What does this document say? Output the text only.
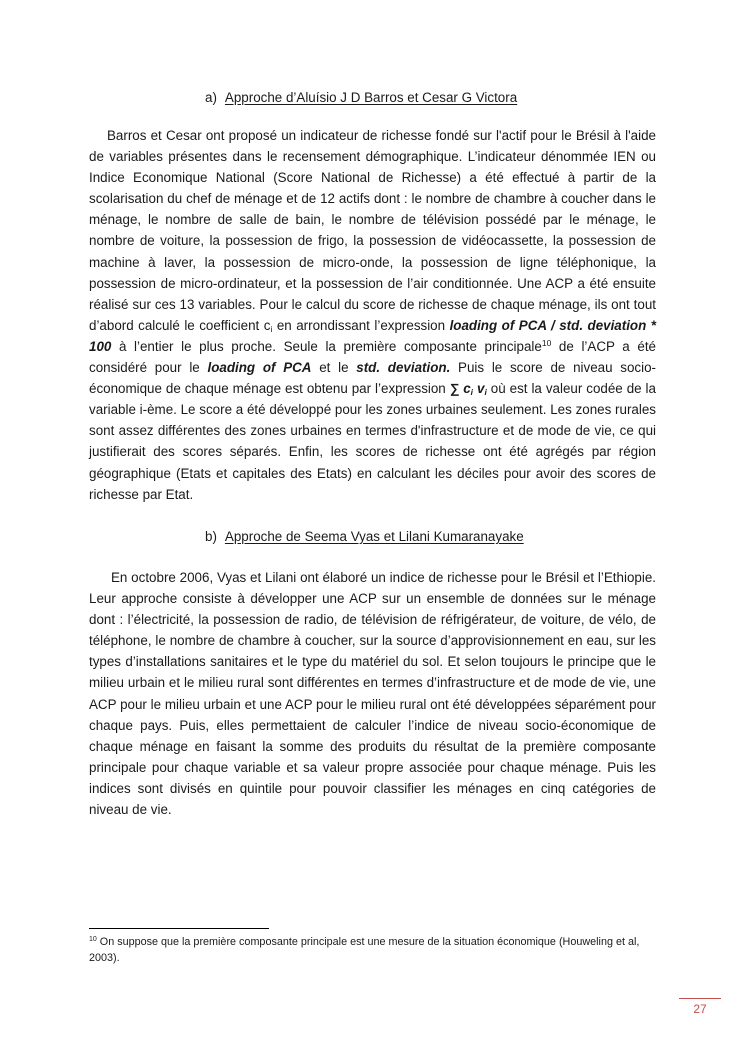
a) Approche d’Aluísio J D Barros et Cesar G Victora

Barros et Cesar ont proposé un indicateur de richesse fondé sur l'actif pour le Brésil à l'aide de variables présentes dans le recensement démographique. L’indicateur dénommée IEN ou Indice Economique National (Score National de Richesse) a été effectué à partir de la scolarisation du chef de ménage et de 12 actifs dont : le nombre de chambre à coucher dans le ménage, le nombre de salle de bain, le nombre de télévision possédé par le ménage, le nombre de voiture, la possession de frigo, la possession de vidéocassette, la possession de machine à laver, la possession de micro-onde, la possession de ligne téléphonique, la possession de micro-ordinateur, et la possession de l’air conditionnée. Une ACP a été ensuite réalisé sur ces 13 variables. Pour le calcul du score de richesse de chaque ménage, ils ont tout d’abord calculé le coefficient $c_i$ en arrondissant l’expression loading of PCA / std. deviation * 100 à l’entier le plus proche. Seule la première composante principale$^{10}$ de l’ACP a été considéré pour le loading of PCA et le std. deviation. Puis le score de niveau socio-économique de chaque ménage est obtenu par l’expression ∑ $c_i$ $v_i$ où est la valeur codée de la variable i-ème. Le score a été développé pour les zones urbaines seulement. Les zones rurales sont assez différentes des zones urbaines en termes d'infrastructure et de mode de vie, ce qui justifierait des scores séparés. Enfin, les scores de richesse ont été agrégés par région géographique (Etats et capitales des Etats) en calculant les déciles pour avoir des scores de richesse par Etat.

b) Approche de Seema Vyas et Lilani Kumaranayake

En octobre 2006, Vyas et Lilani ont élaboré un indice de richesse pour le Brésil et l’Ethiopie. Leur approche consiste à développer une ACP sur un ensemble de données sur le ménage dont : l’électricité, la possession de radio, de télévision de réfrigérateur, de voiture, de vélo, de téléphone, le nombre de chambre à coucher, sur la source d’approvisionnement en eau, sur les types d’installations sanitaires et le type du matériel du sol. Et selon toujours le principe que le milieu urbain et le milieu rural sont différentes en termes d’infrastructure et de mode de vie, une ACP pour le milieu urbain et une ACP pour le milieu rural ont été développées séparément pour chaque pays. Puis, elles permettaient de calculer l’indice de niveau socio-économique de chaque ménage en faisant la somme des produits du résultat de la première composante principale pour chaque variable et sa valeur propre associée pour chaque ménage. Puis les indices sont divisés en quintile pour pouvoir classifier les ménages en cinq catégories de niveau de vie.

$^{10}$ On suppose que la première composante principale est une mesure de la situation économique (Houweling et al, 2003).

27
